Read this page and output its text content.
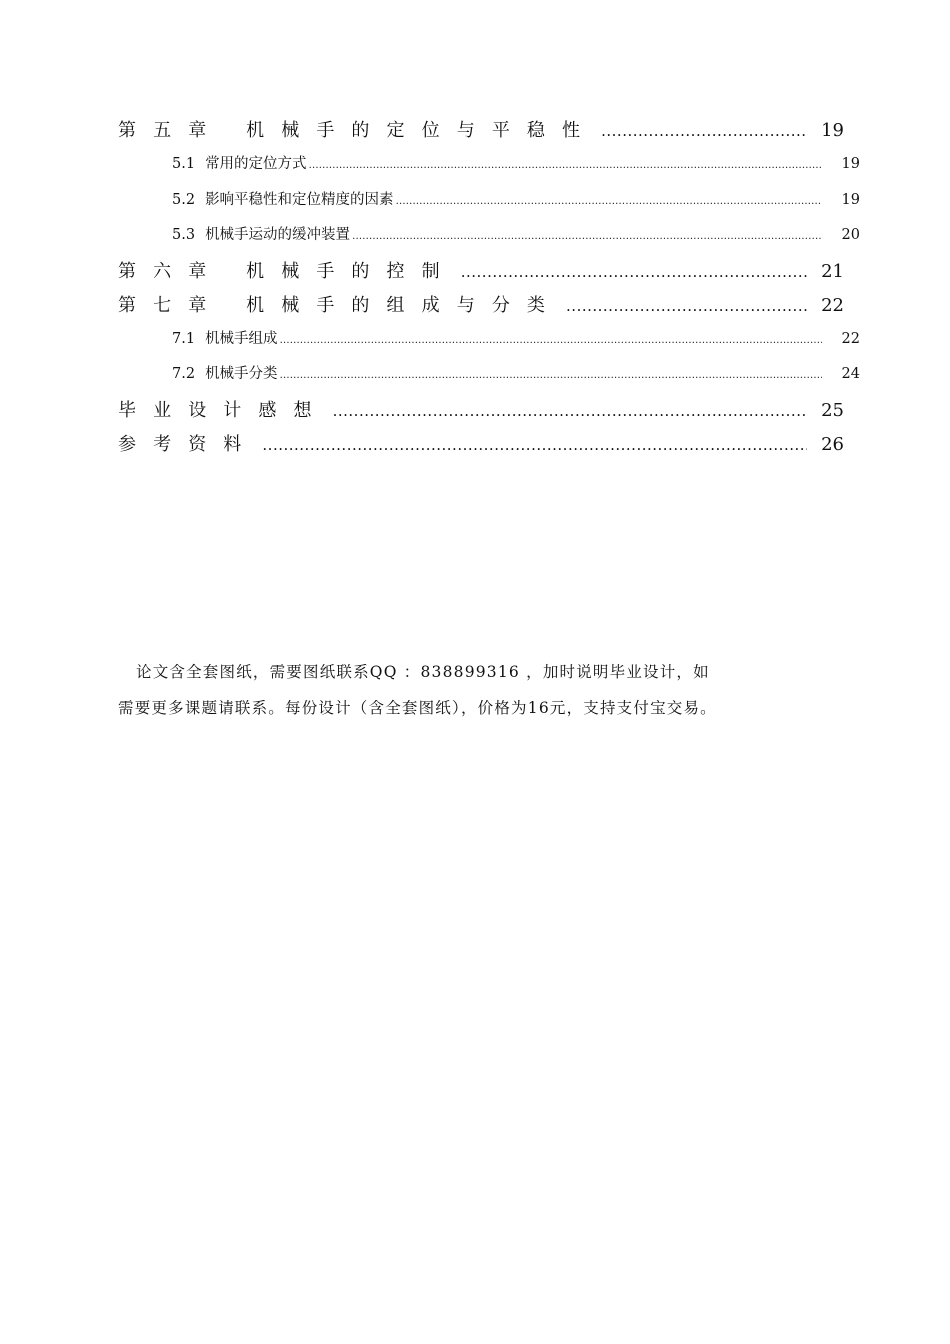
第五章 机械手的定位与平稳性 .....	19
5.1 常用的定位方式 .....	19
5.2 影响平稳性和定位精度的因素 .....	19
5.3 机械手运动的缓冲装置 .....	20
第六章 机械手的控制 .....	21
第七章 机械手的组成与分类 .....	22
7.1 机械手组成 .....	22
7.2 机械手分类 .....	24
毕业设计感想 .....	25
参考资料 .....	26

论文含全套图纸，需要图纸联系QQ ：838899316 ，加时说明毕业设计，如

需要更多课题请联系。每份设计（含全套图纸），价格为16元，支持支付宝交易。
